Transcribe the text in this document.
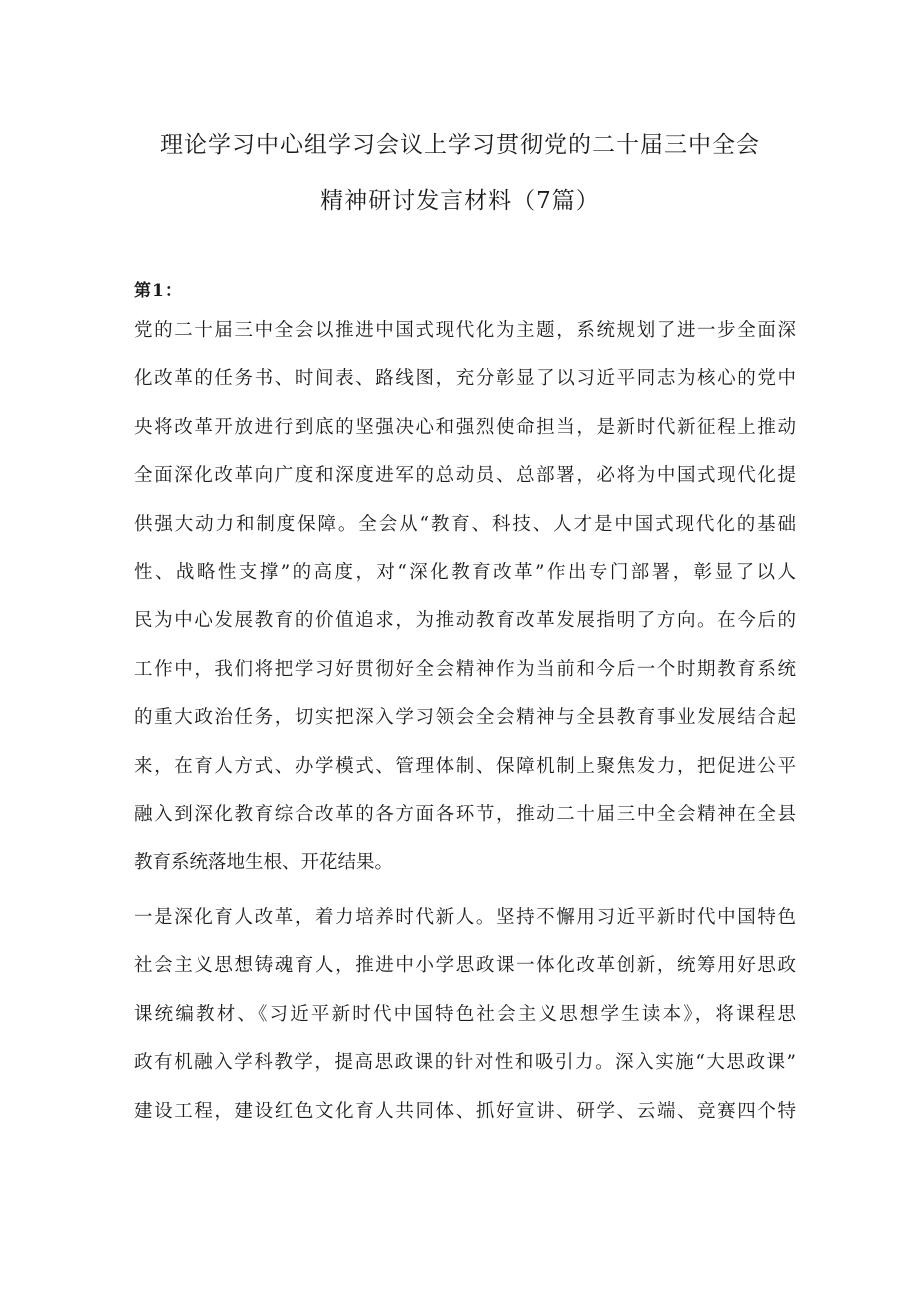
理论学习中心组学习会议上学习贯彻党的二十届三中全会
精神研讨发言材料（7篇）
第1：
党的二十届三中全会以推进中国式现代化为主题，系统规划了进一步全面深
化改革的任务书、时间表、路线图，充分彰显了以习近平同志为核心的党中
央将改革开放进行到底的坚强决心和强烈使命担当，是新时代新征程上推动
全面深化改革向广度和深度进军的总动员、总部署，必将为中国式现代化提
供强大动力和制度保障。全会从“教育、科技、人才是中国式现代化的基础
性、战略性支撑”的高度，对“深化教育改革”作出专门部署，彰显了以人
民为中心发展教育的价值追求，为推动教育改革发展指明了方向。在今后的
工作中，我们将把学习好贯彻好全会精神作为当前和今后一个时期教育系统
的重大政治任务，切实把深入学习领会全会精神与全县教育事业发展结合起
来，在育人方式、办学模式、管理体制、保障机制上聚焦发力，把促进公平
融入到深化教育综合改革的各方面各环节，推动二十届三中全会精神在全县
教育系统落地生根、开花结果。
一是深化育人改革，着力培养时代新人。坚持不懈用习近平新时代中国特色
社会主义思想铸魂育人，推进中小学思政课一体化改革创新，统筹用好思政
课统编教材、《习近平新时代中国特色社会主义思想学生读本》，将课程思
政有机融入学科教学，提高思政课的针对性和吸引力。深入实施“大思政课”
建设工程，建设红色文化育人共同体、抓好宣讲、研学、云端、竞赛四个特
